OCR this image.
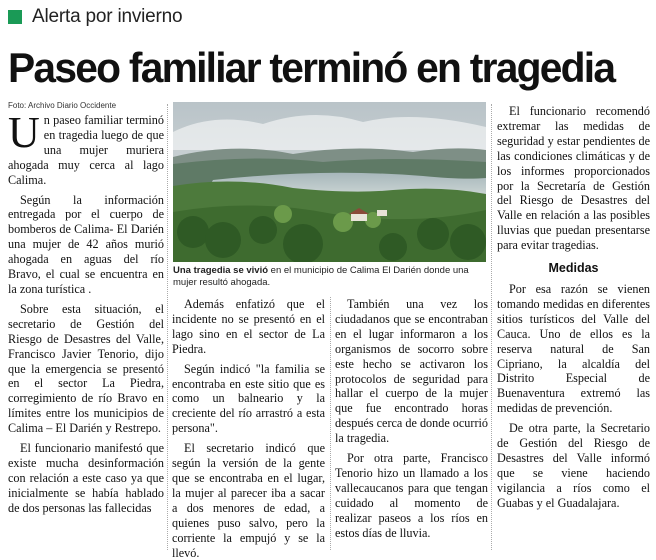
Alerta por invierno
Paseo familiar terminó en tragedia
Foto: Archivo Diario Occidente
Una tragedia se vivió en el municipio de Calima El Darién donde una mujer resultó ahogada.

Un paseo familiar terminó en tragedia luego de que una mujer muriera ahogada muy cerca al lago Calima.

Según la información entregada por el cuerpo de bomberos de Calima- El Darién una mujer de 42 años murió ahogada en aguas del río Bravo, el cual se encuentra en la zona turística .

Sobre esta situación, el secretario de Gestión del Riesgo de Desastres del Valle, Francisco Javier Tenorio, dijo que la emergencia se presentó en el sector La Piedra, corregimiento de río Bravo en límites entre los municipios de Calima – El Darién y Restrepo.

El funcionario manifestó que existe mucha desinformación con relación a este caso ya que inicialmente se había hablado de dos personas las fallecidas

Además enfatizó que el incidente no se presentó en el lago sino en el sector de La Piedra.

Según indicó "la familia se encontraba en este sitio que es como un balneario y la creciente del río arrastró a esta persona".

El secretario indicó que según la versión de la gente que se encontraba en el lugar, la mujer al parecer iba a sacar a dos menores de edad, a quienes puso salvo, pero la corriente la empujó y se la llevó.

También una vez los ciudadanos que se encontraban en el lugar informaron a los organismos de socorro sobre este hecho se activaron los protocolos de seguridad para hallar el cuerpo de la mujer que fue encontrado horas después cerca de donde ocurrió la tragedia.

Por otra parte, Francisco Tenorio hizo un llamado a los vallecaucanos para que tengan cuidado al momento de realizar paseos a los ríos en estos días de lluvia.

El funcionario recomendó extremar las medidas de seguridad y estar pendientes de las condiciones climáticas y de los informes proporcionados por la Secretaría de Gestión del Riesgo de Desastres del Valle en relación a las posibles lluvias que puedan presentarse para evitar tragedias.

Medidas

Por esa razón se vienen tomando medidas en diferentes sitios turísticos del Valle del Cauca. Uno de ellos es la reserva natural de San Cipriano, la alcaldía del Distrito Especial de Buenaventura extremó las medidas de prevención.

De otra parte, la Secretario de Gestión del Riesgo de Desastres del Valle informó que se viene haciendo vigilancia a ríos como el Guabas y el Guadalajara.
